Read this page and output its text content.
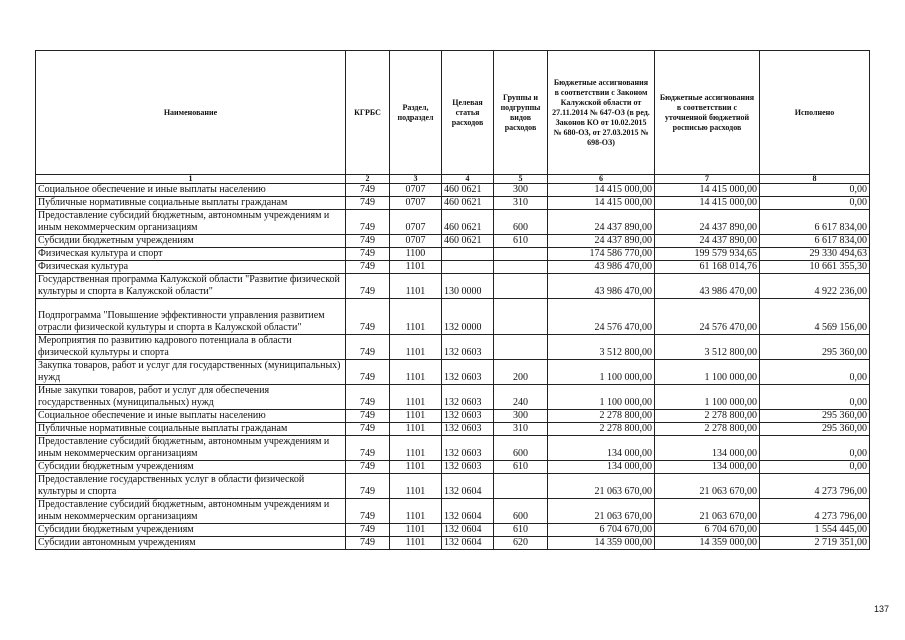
Наименование	КГРБС	Раздел, подраздел	Целевая статья расходов	Группы и подгруппы видов расходов	Бюджетные ассигнования в соответствии с Законом Калужской области от 27.11.2014 № 647-ОЗ (в ред. Законов КО от 10.02.2015 № 680-ОЗ, от 27.03.2015 № 698-ОЗ)	Бюджетные ассигнования в соответствии с уточненной бюджетной росписью расходов	Исполнено
1	2	3	4	5	6	7	8
Социальное обеспечение и иные выплаты населению	749	0707	460 0621	300	14 415 000,00	14 415 000,00	0,00
Публичные нормативные социальные выплаты гражданам	749	0707	460 0621	310	14 415 000,00	14 415 000,00	0,00
Предоставление субсидий бюджетным, автономным учреждениям и иным некоммерческим организациям	749	0707	460 0621	600	24 437 890,00	24 437 890,00	6 617 834,00
Субсидии бюджетным учреждениям	749	0707	460 0621	610	24 437 890,00	24 437 890,00	6 617 834,00
Физическая культура и спорт	749	1100			174 586 770,00	199 579 934,65	29 330 494,63
Физическая культура	749	1101			43 986 470,00	61 168 014,76	10 661 355,30
Государственная программа Калужской области "Развитие физической культуры и спорта в Калужской области"	749	1101	130 0000		43 986 470,00	43 986 470,00	4 922 236,00
Подпрограмма "Повышение эффективности управления развитием отрасли физической культуры и спорта в Калужской области"	749	1101	132 0000		24 576 470,00	24 576 470,00	4 569 156,00
Мероприятия по развитию кадрового потенциала в области физической культуры и спорта	749	1101	132 0603		3 512 800,00	3 512 800,00	295 360,00
Закупка товаров, работ и услуг для государственных (муниципальных) нужд	749	1101	132 0603	200	1 100 000,00	1 100 000,00	0,00
Иные закупки товаров, работ и услуг для обеспечения государственных (муниципальных) нужд	749	1101	132 0603	240	1 100 000,00	1 100 000,00	0,00
Социальное обеспечение и иные выплаты населению	749	1101	132 0603	300	2 278 800,00	2 278 800,00	295 360,00
Публичные нормативные социальные выплаты гражданам	749	1101	132 0603	310	2 278 800,00	2 278 800,00	295 360,00
Предоставление субсидий бюджетным, автономным учреждениям и иным некоммерческим организациям	749	1101	132 0603	600	134 000,00	134 000,00	0,00
Субсидии бюджетным учреждениям	749	1101	132 0603	610	134 000,00	134 000,00	0,00
Предоставление государственных услуг в области физической культуры и спорта	749	1101	132 0604		21 063 670,00	21 063 670,00	4 273 796,00
Предоставление субсидий бюджетным, автономным учреждениям и иным некоммерческим организациям	749	1101	132 0604	600	21 063 670,00	21 063 670,00	4 273 796,00
Субсидии бюджетным учреждениям	749	1101	132 0604	610	6 704 670,00	6 704 670,00	1 554 445,00
Субсидии автономным учреждениям	749	1101	132 0604	620	14 359 000,00	14 359 000,00	2 719 351,00
137
